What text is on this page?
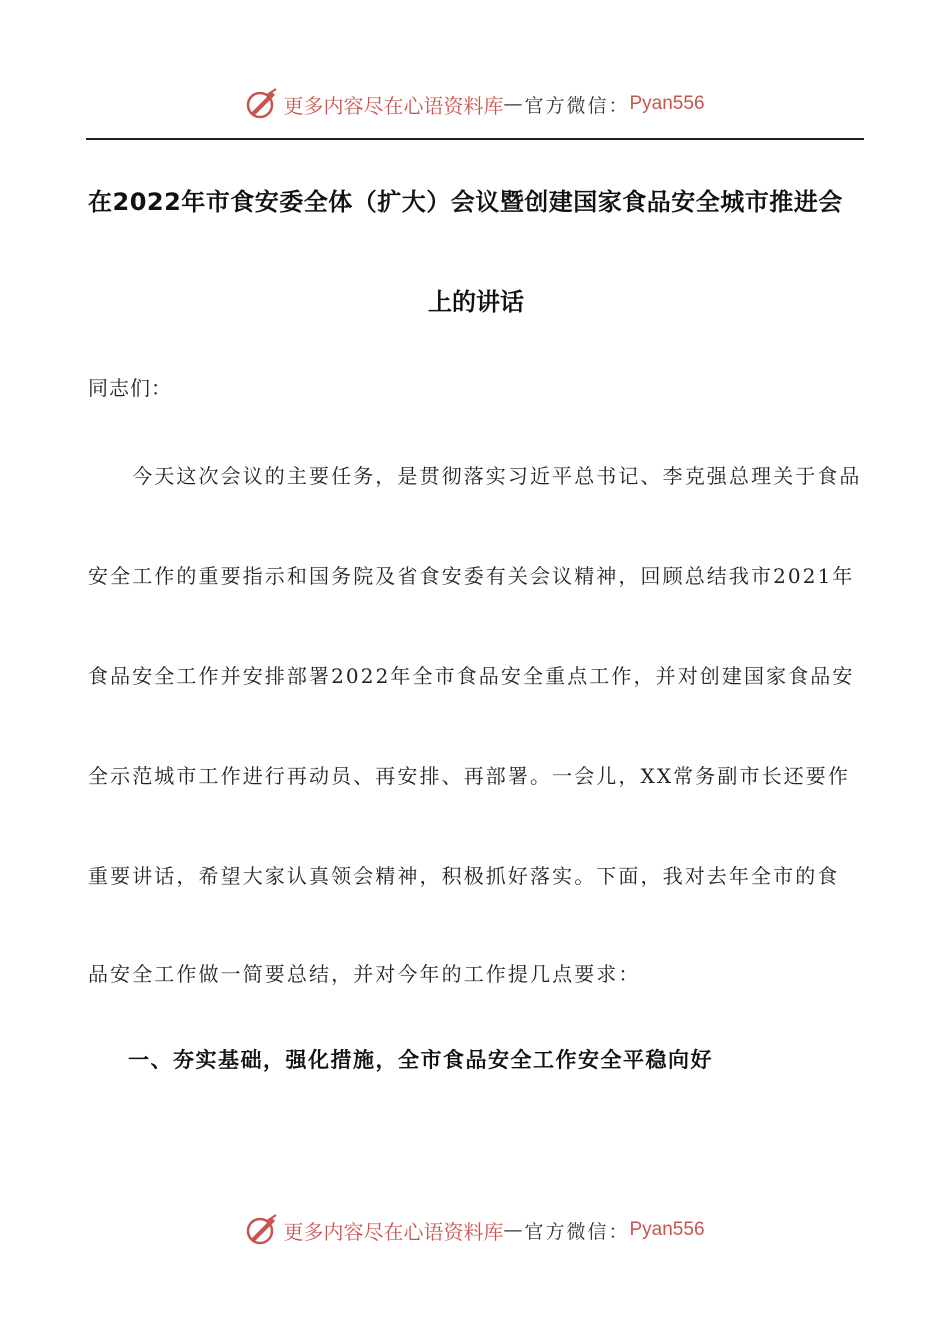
更多内容尽在心语资料库 — 官方微信： Pyan556
在2022年市食安委全体（扩大）会议暨创建国家食品安全城市推进会
上的讲话
同志们：
　　今天这次会议的主要任务，是贯彻落实习近平总书记、李克强总理关于食品
安全工作的重要指示和国务院及省食安委有关会议精神，回顾总结我市2021年
食品安全工作并安排部署2022年全市食品安全重点工作，并对创建国家食品安
全示范城市工作进行再动员、再安排、再部署。一会儿，XX常务副市长还要作
重要讲话，希望大家认真领会精神，积极抓好落实。下面，我对去年全市的食
品安全工作做一简要总结，并对今年的工作提几点要求：
一、夯实基础，强化措施，全市食品安全工作安全平稳向好
更多内容尽在心语资料库 — 官方微信： Pyan556
